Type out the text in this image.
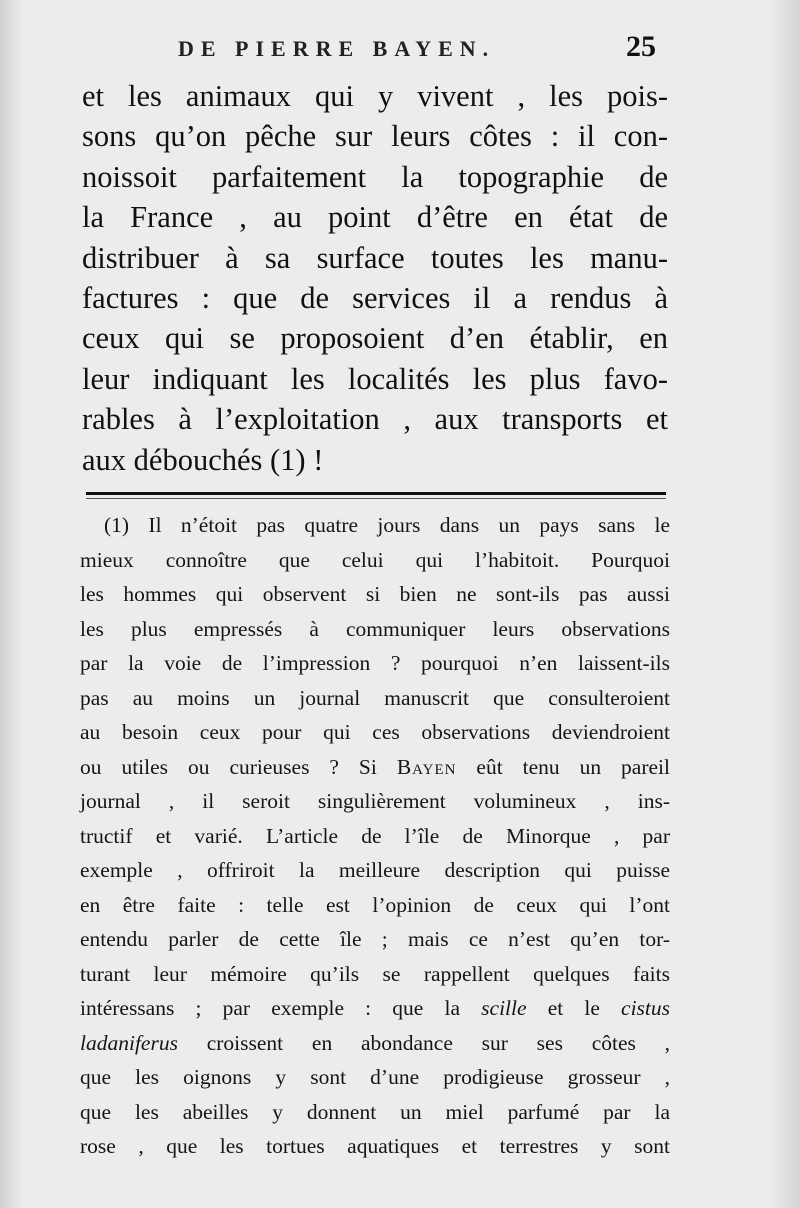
DE PIERRE BAYEN.	25
et les animaux qui y vivent , les pois-
sons qu’on pêche sur leurs côtes : il con-
noissoit parfaitement la topographie de
la France , au point d’être en état de
distribuer à sa surface toutes les manu-
factures : que de services il a rendus à
ceux qui se proposoient d’en établir, en
leur indiquant les localités les plus favo-
rables à l’exploitation , aux transports et
aux débouchés (1) !
(1) Il n’étoit pas quatre jours dans un pays sans le
mieux connoître que celui qui l’habitoit. Pourquoi
les hommes qui observent si bien ne sont-ils pas aussi
les plus empressés à communiquer leurs observations
par la voie de l’impression ? pourquoi n’en laissent-ils
pas au moins un journal manuscrit que consulteroient
au besoin ceux pour qui ces observations deviendroient
ou utiles ou curieuses ? Si Bayen eût tenu un pareil
journal , il seroit singulièrement volumineux , ins-
tructif et varié. L’article de l’île de Minorque , par
exemple , offriroit la meilleure description qui puisse
en être faite : telle est l’opinion de ceux qui l’ont
entendu parler de cette île ; mais ce n’est qu’en tor-
turant leur mémoire qu’ils se rappellent quelques faits
intéressans ; par exemple : que la scille et le cistus
ladaniferus croissent en abondance sur ses côtes ,
que les oignons y sont d’une prodigieuse grosseur ,
que les abeilles y donnent un miel parfumé par la
rose , que les tortues aquatiques et terrestres y sont
